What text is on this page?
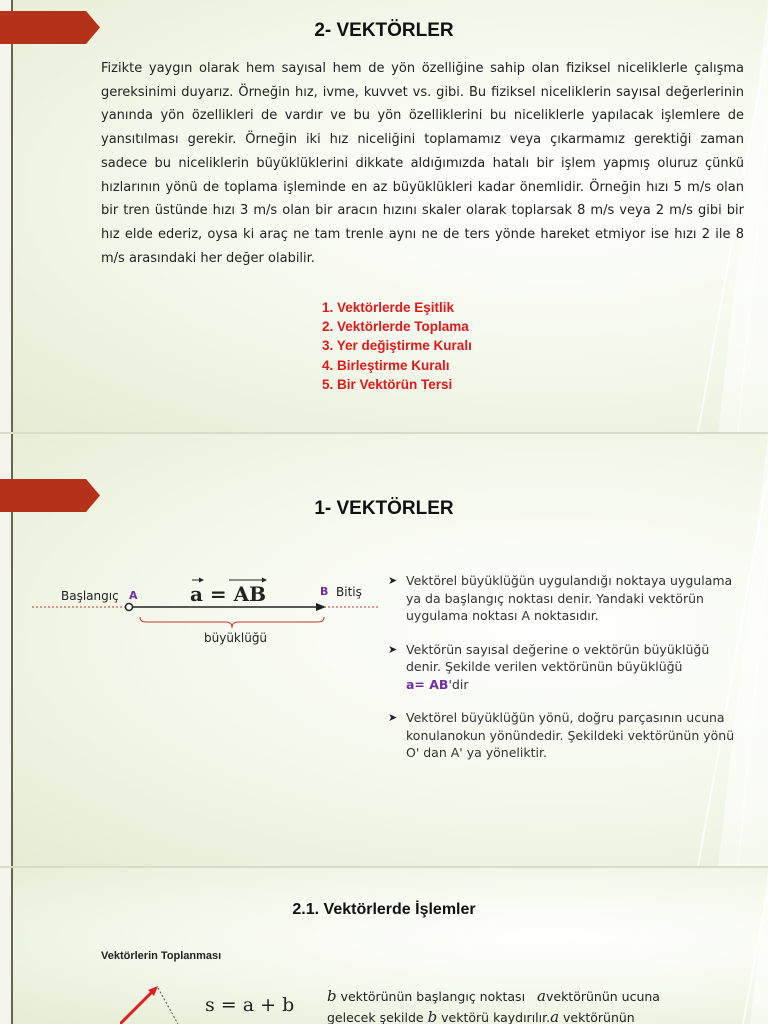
2- VEKTÖRLER
Fizikte yaygın olarak hem sayısal hem de yön özelliğine sahip olan fiziksel niceliklerle çalışma gereksinimi duyarız. Örneğin hız, ivme, kuvvet vs. gibi. Bu fiziksel niceliklerin sayısal değerlerinin yanında yön özellikleri de vardır ve bu yön özelliklerini bu niceliklerle yapılacak işlemlere de yansıtılması gerekir. Örneğin iki hız niceliğini toplamamız veya çıkarmamız gerektiği zaman sadece bu niceliklerin büyüklüklerini dikkate aldığımızda hatalı bir işlem yapmış oluruz çünkü hızlarının yönü de toplama işleminde en az büyüklükleri kadar önemlidir. Örneğin hızı 5 m/s olan bir tren üstünde hızı 3 m/s olan bir aracın hızını skaler olarak toplarsak 8 m/s veya 2 m/s gibi bir hız elde ederiz, oysa ki araç ne tam trenle aynı ne de ters yönde hareket etmiyor ise hızı 2 ile 8 m/s arasındaki her değer olabilir.
1. Vektörlerde Eşitlik
2. Vektörlerde Toplama
3. Yer değiştirme Kuralı
4. Birleştirme Kuralı
5. Bir Vektörün Tersi
1- VEKTÖRLER
Başlangıç A	a = AB	B Bitiş
büyüklüğü
➤ Vektörel büyüklüğün uygulandığı noktaya uygulama ya da başlangıç noktası denir. Yandaki vektörün uygulama noktası A noktasıdır.
➤ Vektörün sayısal değerine o vektörün büyüklüğü denir. Şekilde verilen vektörünün büyüklüğü
a= AB'dir
➤ Vektörel büyüklüğün yönü, doğru parçasının ucuna konulanokun yönündedir. Şekildeki vektörünün yönü O' dan A' ya yöneliktir.
2.1. Vektörlerde İşlemler
Vektörlerin Toplanması
s = a + b b vektörünün başlangıç noktası avektörünün ucuna
gelecek şekilde b vektörü kaydırılır.a vektörünün
